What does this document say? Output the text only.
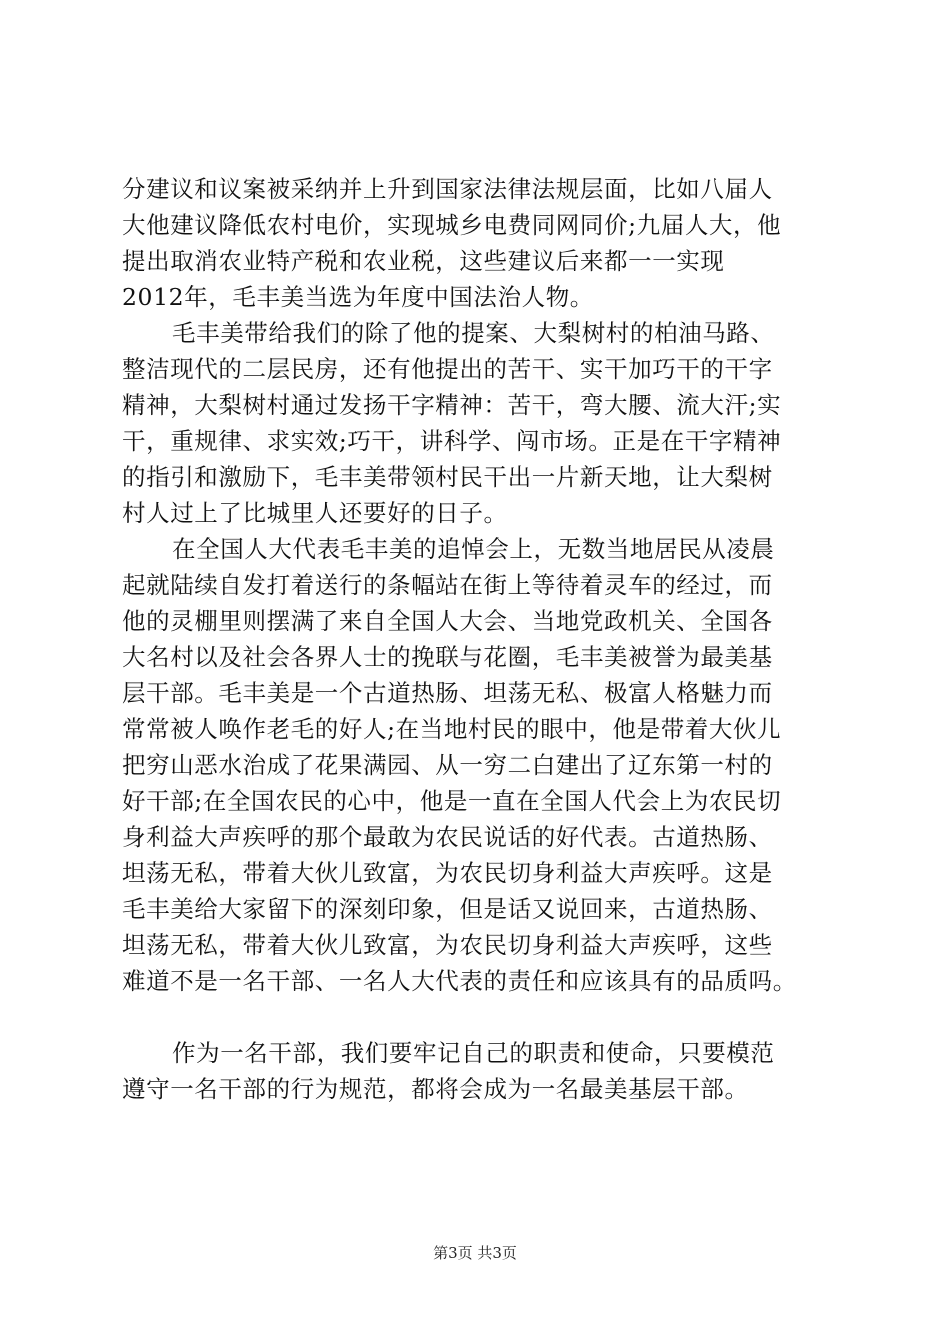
分建议和议案被采纳并上升到国家法律法规层面，比如八届人
大他建议降低农村电价，实现城乡电费同网同价;九届人大，他
提出取消农业特产税和农业税，这些建议后来都一一实现
2012年，毛丰美当选为年度中国法治人物。
毛丰美带给我们的除了他的提案、大梨树村的柏油马路、
整洁现代的二层民房，还有他提出的苦干、实干加巧干的干字
精神，大梨树村通过发扬干字精神：苦干，弯大腰、流大汗;实
干，重规律、求实效;巧干，讲科学、闯市场。正是在干字精神
的指引和激励下，毛丰美带领村民干出一片新天地，让大梨树
村人过上了比城里人还要好的日子。
在全国人大代表毛丰美的追悼会上，无数当地居民从凌晨
起就陆续自发打着送行的条幅站在街上等待着灵车的经过，而
他的灵棚里则摆满了来自全国人大会、当地党政机关、全国各
大名村以及社会各界人士的挽联与花圈，毛丰美被誉为最美基
层干部。毛丰美是一个古道热肠、坦荡无私、极富人格魅力而
常常被人唤作老毛的好人;在当地村民的眼中，他是带着大伙儿
把穷山恶水治成了花果满园、从一穷二白建出了辽东第一村的
好干部;在全国农民的心中，他是一直在全国人代会上为农民切
身利益大声疾呼的那个最敢为农民说话的好代表。古道热肠、
坦荡无私，带着大伙儿致富，为农民切身利益大声疾呼。这是
毛丰美给大家留下的深刻印象，但是话又说回来，古道热肠、
坦荡无私，带着大伙儿致富，为农民切身利益大声疾呼，这些
难道不是一名干部、一名人大代表的责任和应该具有的品质吗。
作为一名干部，我们要牢记自己的职责和使命，只要模范
遵守一名干部的行为规范，都将会成为一名最美基层干部。
第3页 共3页
